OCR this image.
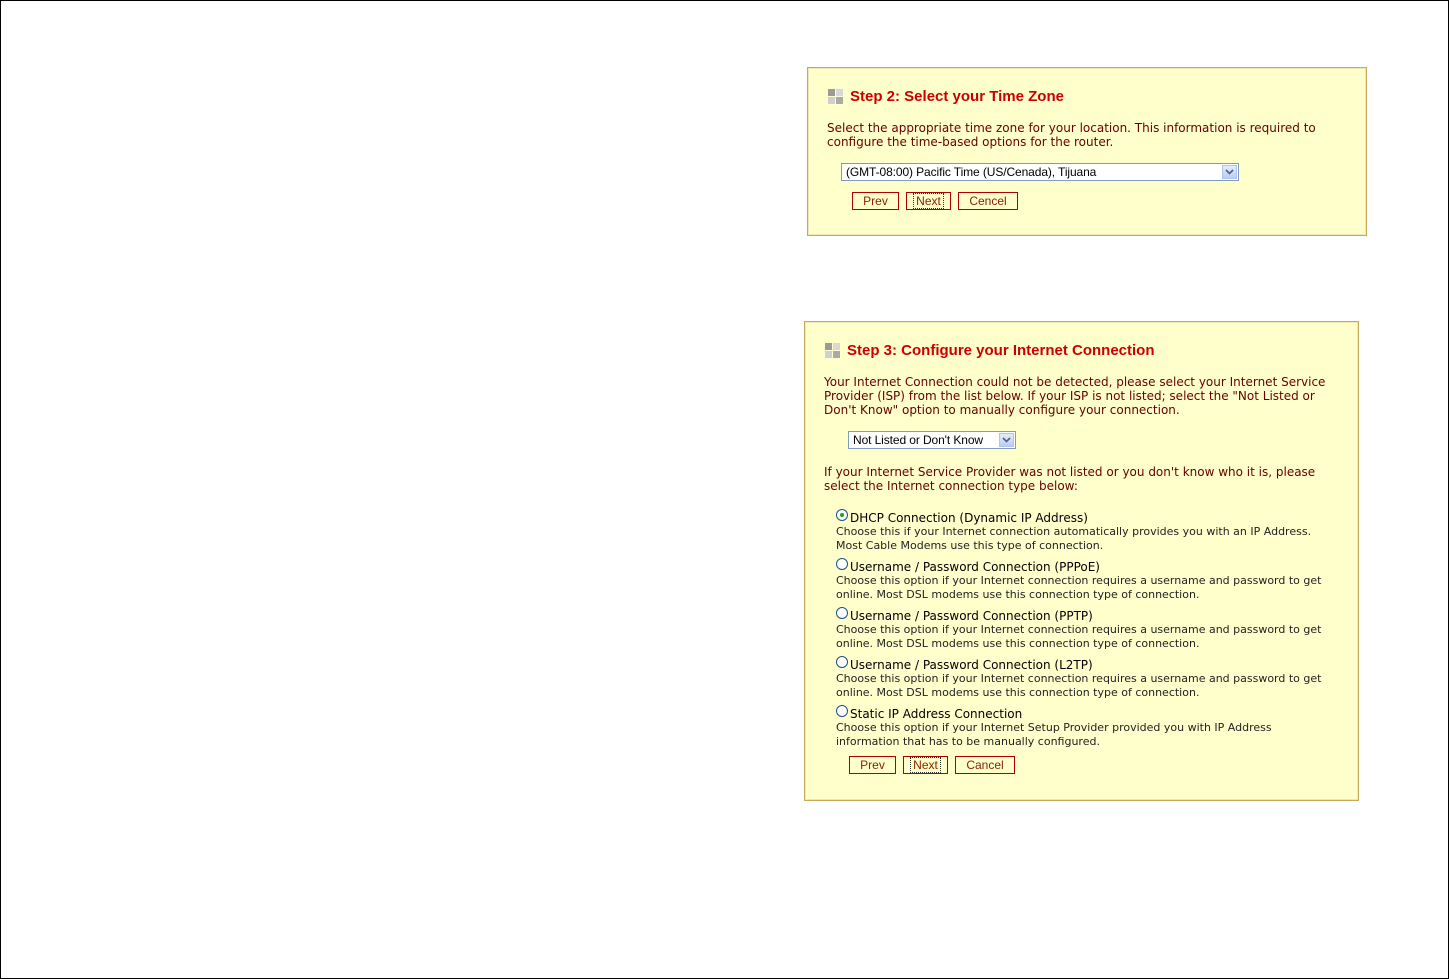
Step 2: Select your Time Zone

Select the appropriate time zone for your location. This information is required to configure the time-based options for the router.

(GMT-08:00) Pacific Time (US/Cenada), Tijuana
Prev Next Cencel
Step 3: Configure your Internet Connection

Your Internet Connection could not be detected, please select your Internet Service Provider (ISP) from the list below. If your ISP is not listed; select the "Not Listed or Don't Know" option to manually configure your connection.

Not Listed or Don't Know

If your Internet Service Provider was not listed or you don't know who it is, please select the Internet connection type below:

DHCP Connection (Dynamic IP Address)

Choose this if your Internet connection automatically provides you with an IP Address. Most Cable Modems use this type of connection.

Username / Password Connection (PPPoE)

Choose this option if your Internet connection requires a username and password to get online. Most DSL modems use this connection type of connection.

Username / Password Connection (PPTP)

Choose this option if your Internet connection requires a username and password to get online. Most DSL modems use this connection type of connection.

Username / Password Connection (L2TP)

Choose this option if your Internet connection requires a username and password to get online. Most DSL modems use this connection type of connection.

Static IP Address Connection

Choose this option if your Internet Setup Provider provided you with IP Address information that has to be manually configured.

Prev Next Cancel
